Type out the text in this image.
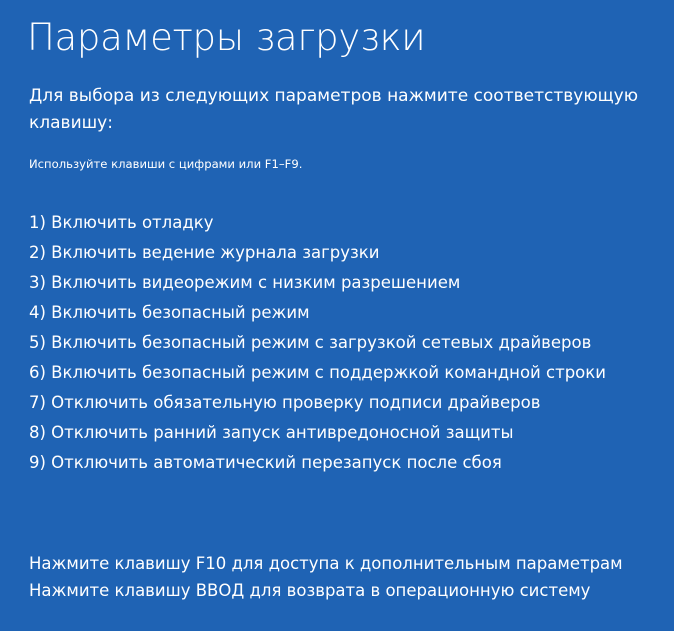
Параметры загрузки
Для выбора из следующих параметров нажмите соответствующую клавишу:
Используйте клавиши с цифрами или F1–F9.
1) Включить отладку
2) Включить ведение журнала загрузки
3) Включить видеорежим с низким разрешением
4) Включить безопасный режим
5) Включить безопасный режим с загрузкой сетевых драйверов
6) Включить безопасный режим с поддержкой командной строки
7) Отключить обязательную проверку подписи драйверов
8) Отключить ранний запуск антивредоносной защиты
9) Отключить автоматический перезапуск после сбоя
Нажмите клавишу F10 для доступа к дополнительным параметрам
Нажмите клавишу ВВОД для возврата в операционную систему
